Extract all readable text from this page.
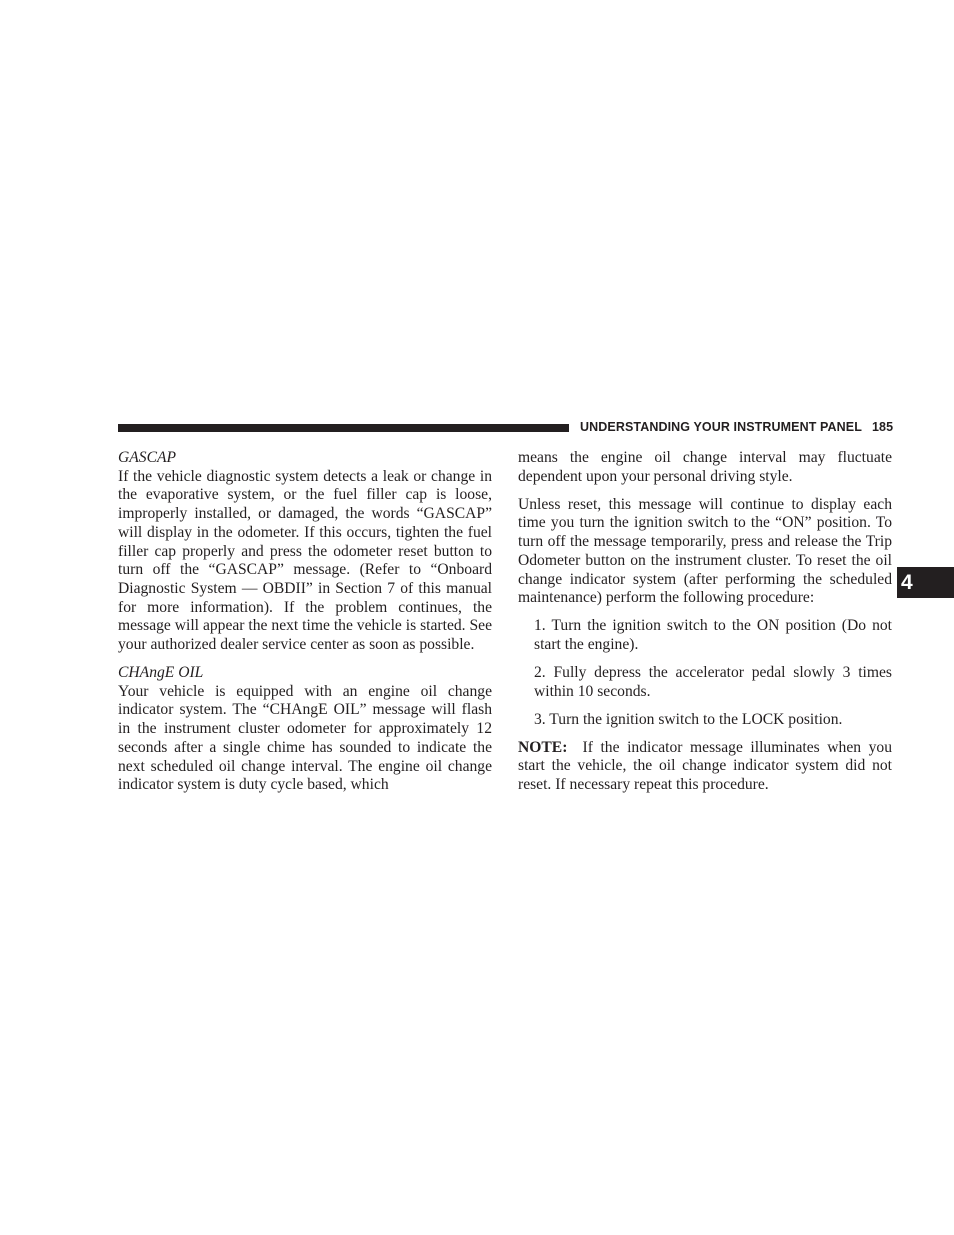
UNDERSTANDING YOUR INSTRUMENT PANEL 185
4

GASCAP

If the vehicle diagnostic system detects a leak or change in the evaporative system, or the fuel filler cap is loose, improperly installed, or damaged, the words “GASCAP” will display in the odometer. If this occurs, tighten the fuel filler cap properly and press the odometer reset button to turn off the “GASCAP” message. (Refer to “Onboard Diagnostic System — OBDII” in Section 7 of this manual for more information). If the problem continues, the message will appear the next time the vehicle is started. See your authorized dealer service center as soon as possible.

CHAngE OIL

Your vehicle is equipped with an engine oil change indicator system. The “CHAngE OIL” message will flash in the instrument cluster odometer for approximately 12 seconds after a single chime has sounded to indicate the next scheduled oil change interval. The engine oil change indicator system is duty cycle based, which

means the engine oil change interval may fluctuate dependent upon your personal driving style.

Unless reset, this message will continue to display each time you turn the ignition switch to the “ON” position. To turn off the message temporarily, press and release the Trip Odometer button on the instrument cluster. To reset the oil change indicator system (after performing the scheduled maintenance) perform the following procedure:

1. Turn the ignition switch to the ON position (Do not start the engine).

2. Fully depress the accelerator pedal slowly 3 times within 10 seconds.

3. Turn the ignition switch to the LOCK position.

NOTE: If the indicator message illuminates when you start the vehicle, the oil change indicator system did not reset. If necessary repeat this procedure.
